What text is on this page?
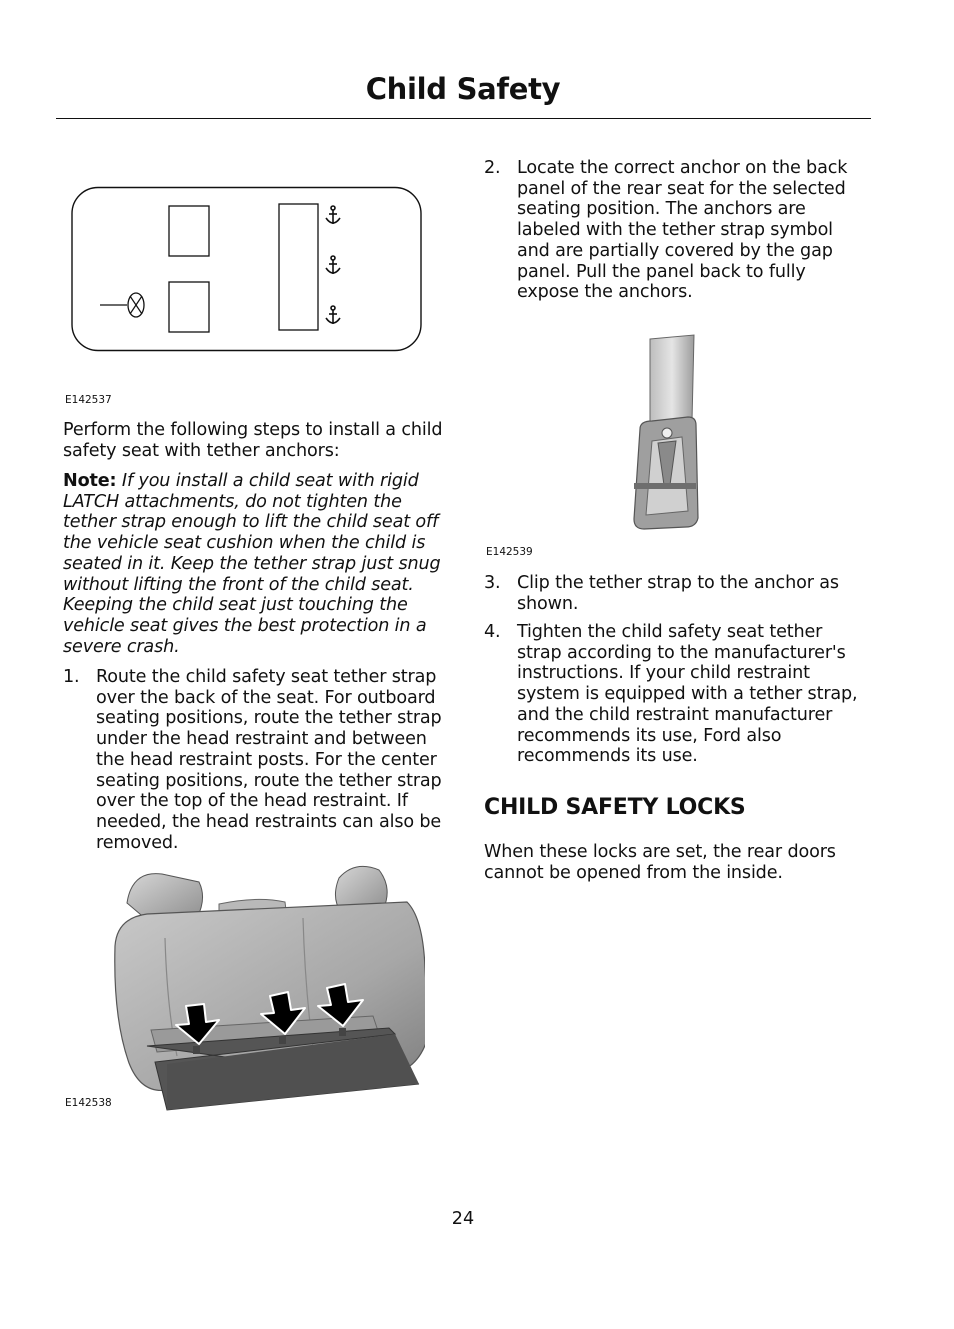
Child Safety
E142537

Perform the following steps to install a child safety seat with tether anchors:

Note: If you install a child seat with rigid LATCH attachments, do not tighten the tether strap enough to lift the child seat off the vehicle seat cushion when the child is seated in it. Keep the tether strap just snug without lifting the front of the child seat. Keeping the child seat just touching the vehicle seat gives the best protection in a severe crash.

1. Route the child safety seat tether strap over the back of the seat. For outboard seating positions, route the tether strap under the head restraint and between the head restraint posts. For the center seating positions, route the tether strap over the top of the head restraint. If needed, the head restraints can also be removed.
E142538
2. Locate the correct anchor on the back panel of the rear seat for the selected seating position. The anchors are labeled with the tether strap symbol and are partially covered by the gap panel. Pull the panel back to fully expose the anchors.
E142539
3. Clip the tether strap to the anchor as shown.
4. Tighten the child safety seat tether strap according to the manufacturer's instructions. If your child restraint system is equipped with a tether strap, and the child restraint manufacturer recommends its use, Ford also recommends its use.
CHILD SAFETY LOCKS

When these locks are set, the rear doors cannot be opened from the inside.

24
